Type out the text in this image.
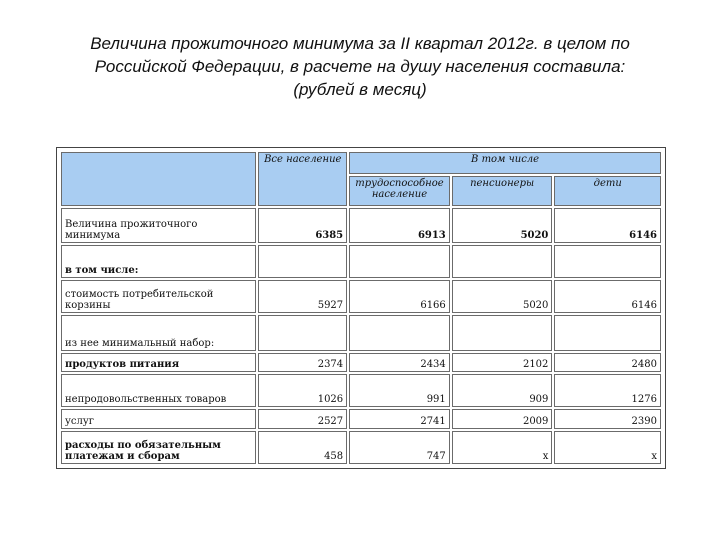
Величина прожиточного минимума за II квартал 2012г. в целом по
Российской Федерации, в расчете на душу населения составила:
(рублей в месяц)
	Все население	В том числе		
		трудоспособное население	пенсионеры	дети
Величина прожиточного минимума	6385	6913	5020	6146
в том числе:				
стоимость потребительской корзины	5927	6166	5020	6146
из нее минимальный набор:				
продуктов питания	2374	2434	2102	2480
непродовольственных товаров	1026	991	909	1276
услуг	2527	2741	2009	2390
расходы по обязательным платежам и сборам	458	747	x	x
